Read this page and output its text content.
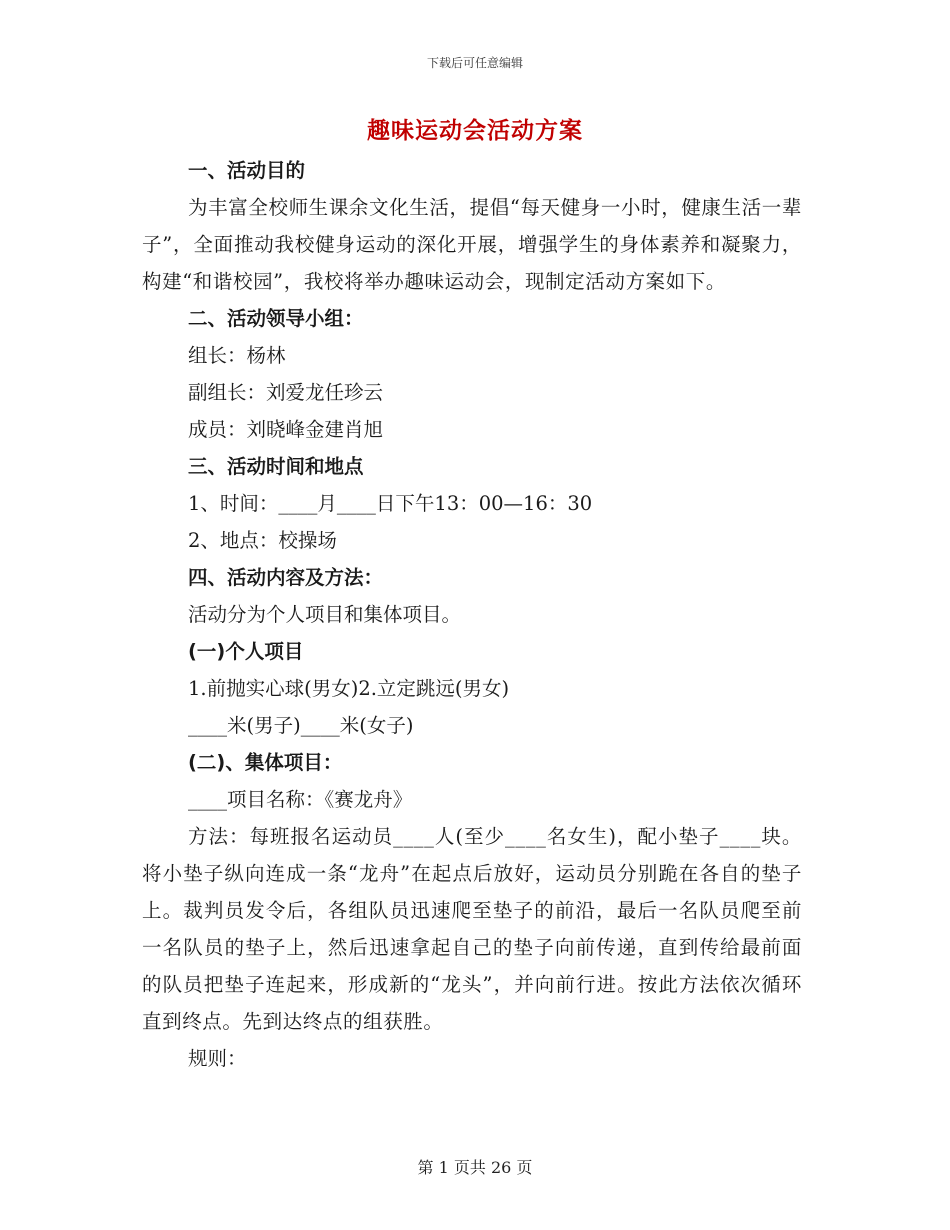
下载后可任意编辑
趣味运动会活动方案
一、活动目的
为丰富全校师生课余文化生活，提倡“每天健身一小时，健康生活一辈子”，全面推动我校健身运动的深化开展，增强学生的身体素养和凝聚力，构建“和谐校园”，我校将举办趣味运动会，现制定活动方案如下。
二、活动领导小组：
组长：杨林
副组长：刘爱龙任珍云
成员：刘晓峰金建肖旭
三、活动时间和地点
1、时间：____月____日下午13：00—16：30
2、地点：校操场
四、活动内容及方法：
活动分为个人项目和集体项目。
(一)个人项目
1.前抛实心球(男女)2.立定跳远(男女)
____米(男子)____米(女子)
(二)、集体项目：
____项目名称：《赛龙舟》
方法：每班报名运动员____人(至少____名女生)，配小垫子____块。将小垫子纵向连成一条“龙舟”在起点后放好，运动员分别跪在各自的垫子上。裁判员发令后，各组队员迅速爬至垫子的前沿，最后一名队员爬至前一名队员的垫子上，然后迅速拿起自己的垫子向前传递，直到传给最前面的队员把垫子连起来，形成新的“龙头”，并向前行进。按此方法依次循环直到终点。先到达终点的组获胜。
规则：
第 1 页共 26 页
